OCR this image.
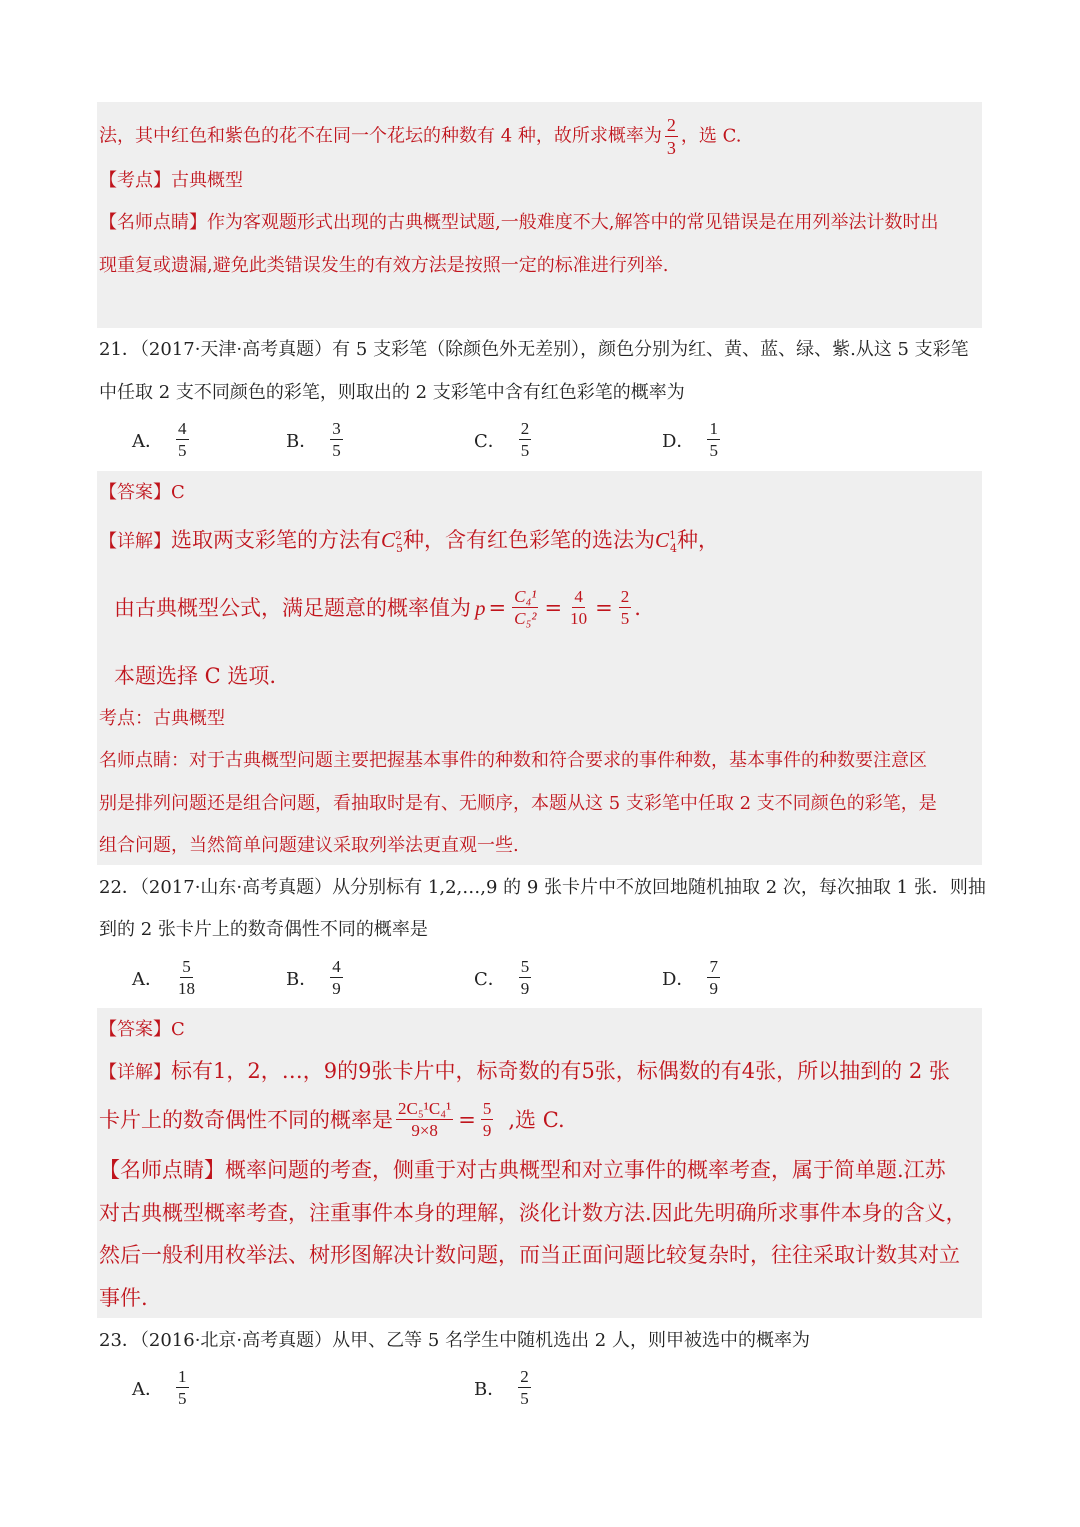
法，其中红色和紫色的花不在同一个花坛的种数有 4 种，故所求概率为 $\frac{2}{3}$ ，选 C.
【考点】古典概型
【名师点睛】作为客观题形式出现的古典概型试题,一般难度不大,解答中的常见错误是在用列举法计数时出
现重复或遗漏,避免此类错误发生的有效方法是按照一定的标准进行列举.
21．（2017·天津·高考真题）有 5 支彩笔（除颜色外无差别），颜色分别为红、黄、蓝、绿、紫.从这 5 支彩笔
中任取 2 支不同颜色的彩笔，则取出的 2 支彩笔中含有红色彩笔的概率为
A． $\frac{4}{5}$	B． $\frac{3}{5}$	C． $\frac{2}{5}$	D． $\frac{1}{5}$
【答案】C
【详解】选取两支彩笔的方法有$C^2_5$种，含有红色彩笔的选法为$C^1_4$种，
由古典概型公式，满足题意的概率值为 $p = \frac{\text{C₄¹}}{\text{C₅²}} = \frac{4}{10} = \frac{2}{5}$ .
本题选择 C 选项.
考点：古典概型
名师点睛：对于古典概型问题主要把握基本事件的种数和符合要求的事件种数，基本事件的种数要注意区
别是排列问题还是组合问题，看抽取时是有、无顺序，本题从这 5 支彩笔中任取 2 支不同颜色的彩笔，是
组合问题，当然简单问题建议采取列举法更直观一些.
22．（2017·山东·高考真题）从分别标有 1,2,…,9 的 9 张卡片中不放回地随机抽取 2 次，每次抽取 1 张．则抽
到的 2 张卡片上的数奇偶性不同的概率是
A． $\frac{5}{18}$	B． $\frac{4}{9}$	C． $\frac{5}{9}$	D． $\frac{7}{9}$
【答案】C
【详解】标有1，2，…，9的9张卡片中，标奇数的有5张，标偶数的有4张，所以抽到的 2 张
卡片上的数奇偶性不同的概率是 $\frac{\text{2C₅¹C₄¹}}{9\times 8} = \frac{5}{9}$ ,选 C.
【名师点睛】概率问题的考查，侧重于对古典概型和对立事件的概率考查，属于简单题.江苏
对古典概型概率考查，注重事件本身的理解，淡化计数方法.因此先明确所求事件本身的含义，
然后一般利用枚举法、树形图解决计数问题，而当正面问题比较复杂时，往往采取计数其对立
事件.
23．（2016·北京·高考真题）从甲、乙等 5 名学生中随机选出 2 人，则甲被选中的概率为
A． $\frac{1}{5}$	B． $\frac{2}{5}$
